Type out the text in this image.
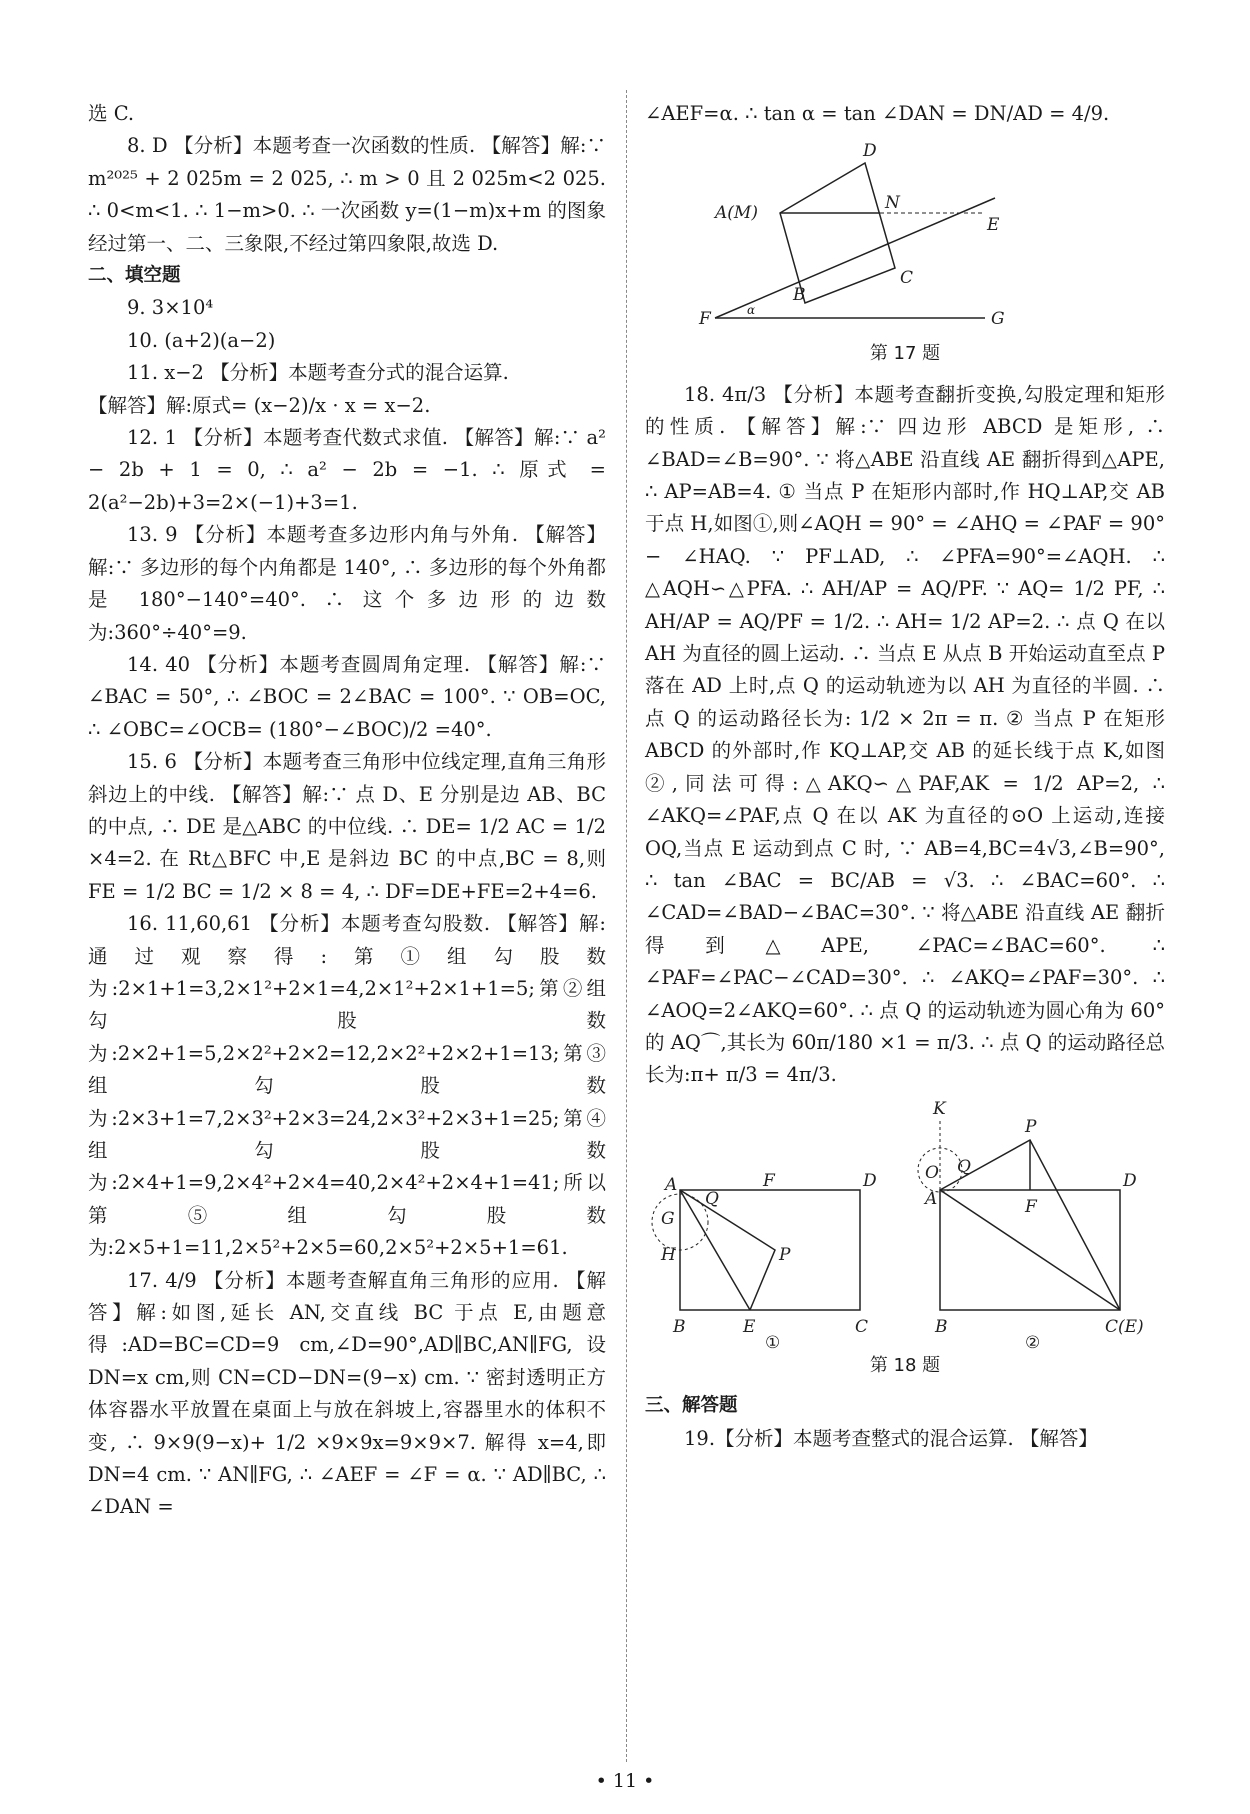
选 C.

8. D 【分析】本题考查一次函数的性质. 【解答】解:∵ m²⁰²⁵ + 2 025m = 2 025, ∴ m > 0 且 2 025m<2 025. ∴ 0<m<1. ∴ 1−m>0. ∴ 一次函数 y=(1−m)x+m 的图象经过第一、二、三象限,不经过第四象限,故选 D.

二、填空题

9. 3×10⁴

10. (a+2)(a−2)

11. x−2 【分析】本题考查分式的混合运算.

【解答】解:原式= (x−2)/x · x = x−2.

12. 1 【分析】本题考查代数式求值. 【解答】解:∵ a² − 2b + 1 = 0, ∴ a² − 2b = −1. ∴ 原式 = 2(a²−2b)+3=2×(−1)+3=1.

13. 9 【分析】本题考查多边形内角与外角. 【解答】解:∵ 多边形的每个内角都是 140°, ∴ 多边形的每个外角都是 180°−140°=40°. ∴ 这个多边形的边数为:360°÷40°=9.

14. 40 【分析】本题考查圆周角定理. 【解答】解:∵ ∠BAC = 50°, ∴ ∠BOC = 2∠BAC = 100°. ∵ OB=OC, ∴ ∠OBC=∠OCB= (180°−∠BOC)/2 =40°.

15. 6 【分析】本题考查三角形中位线定理,直角三角形斜边上的中线. 【解答】解:∵ 点 D、E 分别是边 AB、BC 的中点, ∴ DE 是△ABC 的中位线. ∴ DE= 1/2 AC = 1/2 ×4=2. 在 Rt△BFC 中,E 是斜边 BC 的中点,BC = 8,则 FE = 1/2 BC = 1/2 × 8 = 4, ∴ DF=DE+FE=2+4=6.

16. 11,60,61 【分析】本题考查勾股数. 【解答】解:通过观察得:第①组勾股数为:2×1+1=3,2×1²+2×1=4,2×1²+2×1+1=5;第②组勾股数为:2×2+1=5,2×2²+2×2=12,2×2²+2×2+1=13;第③组勾股数为:2×3+1=7,2×3²+2×3=24,2×3²+2×3+1=25;第④组勾股数为:2×4+1=9,2×4²+2×4=40,2×4²+2×4+1=41;所以第⑤组勾股数为:2×5+1=11,2×5²+2×5=60,2×5²+2×5+1=61.

17. 4/9 【分析】本题考查解直角三角形的应用. 【解答】解:如图,延长 AN,交直线 BC 于点 E,由题意得:AD=BC=CD=9 cm,∠D=90°,AD∥BC,AN∥FG,设 DN=x cm,则 CN=CD−DN=(9−x) cm. ∵ 密封透明正方体容器水平放置在桌面上与放在斜坡上,容器里水的体积不变, ∴ 9×9(9−x)+ 1/2 ×9×9x=9×9×7. 解得 x=4,即 DN=4 cm. ∵ AN∥FG, ∴ ∠AEF = ∠F = α. ∵ AD∥BC, ∴ ∠DAN =

∠AEF=α. ∴ tan α = tan ∠DAN = DN/AD = 4/9.

A(M)
D
N
E
C
B
F	G
α
第 17 题

18. 4π/3 【分析】本题考查翻折变换,勾股定理和矩形的性质. 【解答】解:∵ 四边形 ABCD 是矩形, ∴ ∠BAD=∠B=90°. ∵ 将△ABE 沿直线 AE 翻折得到△APE, ∴ AP=AB=4. ① 当点 P 在矩形内部时,作 HQ⊥AP,交 AB 于点 H,如图①,则∠AQH = 90° = ∠AHQ = ∠PAF = 90° − ∠HAQ. ∵ PF⊥AD, ∴ ∠PFA=90°=∠AQH. ∴ △AQH∽△PFA. ∴ AH/AP = AQ/PF. ∵ AQ= 1/2 PF, ∴ AH/AP = AQ/PF = 1/2. ∴ AH= 1/2 AP=2. ∴ 点 Q 在以 AH 为直径的圆上运动. ∴ 当点 E 从点 B 开始运动直至点 P 落在 AD 上时,点 Q 的运动轨迹为以 AH 为直径的半圆. ∴ 点 Q 的运动路径长为: 1/2 × 2π = π. ② 当点 P 在矩形 ABCD 的外部时,作 KQ⊥AP,交 AB 的延长线于点 K,如图②,同法可得:△AKQ∽△PAF,AK = 1/2 AP=2, ∴ ∠AKQ=∠PAF,点 Q 在以 AK 为直径的⊙O 上运动,连接 OQ,当点 E 运动到点 C 时, ∵ AB=4,BC=4√3,∠B=90°, ∴ tan ∠BAC = BC/AB = √3. ∴ ∠BAC=60°. ∴ ∠CAD=∠BAD−∠BAC=30°. ∵ 将△ABE 沿直线 AE 翻折得到△APE, ∠PAC=∠BAC=60°. ∴ ∠PAF=∠PAC−∠CAD=30°. ∴ ∠AKQ=∠PAF=30°. ∴ ∠AOQ=2∠AKQ=60°. ∴ 点 Q 的运动轨迹为圆心角为 60°的 AQ⌒,其长为 60π/180 ×1 = π/3. ∴ 点 Q 的运动路径总长为:π+ π/3 = 4π/3.

A	F	D
Q
G
H	P
B	E	C
①
K
O Q
P
A	F
D
B	C(E)
②
第 18 题

三、解答题

19.【分析】本题考查整式的混合运算. 【解答】

• 11 •
